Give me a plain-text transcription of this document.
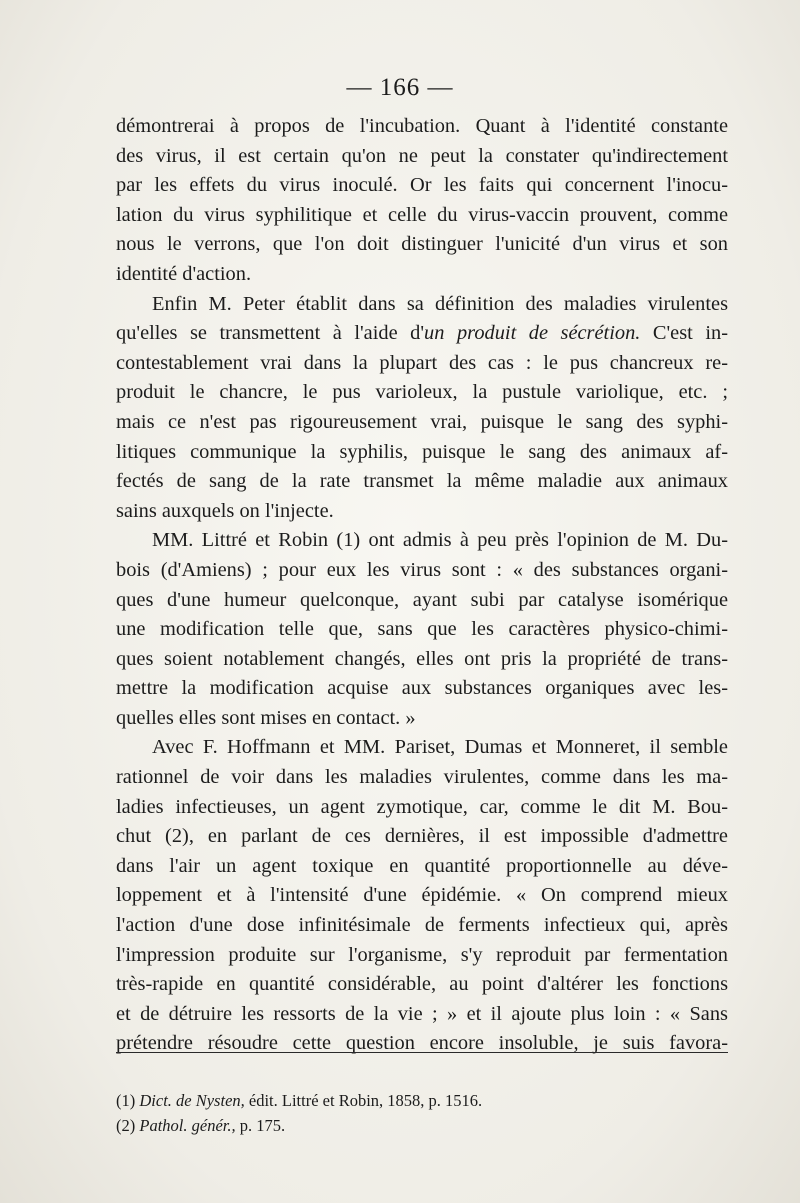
— 166 —

démontrerai à propos de l'incubation. Quant à l'identité constante

des virus, il est certain qu'on ne peut la constater qu'indirectement

par les effets du virus inoculé. Or les faits qui concernent l'inocu-

lation du virus syphilitique et celle du virus-vaccin prouvent, comme

nous le verrons, que l'on doit distinguer l'unicité d'un virus et son

identité d'action.

Enfin M. Peter établit dans sa définition des maladies virulentes

qu'elles se transmettent à l'aide d'un produit de sécrétion. C'est in-

contestablement vrai dans la plupart des cas : le pus chancreux re-

produit le chancre, le pus varioleux, la pustule variolique, etc. ;

mais ce n'est pas rigoureusement vrai, puisque le sang des syphi-

litiques communique la syphilis, puisque le sang des animaux af-

fectés de sang de la rate transmet la même maladie aux animaux

sains auxquels on l'injecte.

MM. Littré et Robin (1) ont admis à peu près l'opinion de M. Du-

bois (d'Amiens) ; pour eux les virus sont : « des substances organi-

ques d'une humeur quelconque, ayant subi par catalyse isomérique

une modification telle que, sans que les caractères physico-chimi-

ques soient notablement changés, elles ont pris la propriété de trans-

mettre la modification acquise aux substances organiques avec les-

quelles elles sont mises en contact. »

Avec F. Hoffmann et MM. Pariset, Dumas et Monneret, il semble

rationnel de voir dans les maladies virulentes, comme dans les ma-

ladies infectieuses, un agent zymotique, car, comme le dit M. Bou-

chut (2), en parlant de ces dernières, il est impossible d'admettre

dans l'air un agent toxique en quantité proportionnelle au déve-

loppement et à l'intensité d'une épidémie. « On comprend mieux

l'action d'une dose infinitésimale de ferments infectieux qui, après

l'impression produite sur l'organisme, s'y reproduit par fermentation

très-rapide en quantité considérable, au point d'altérer les fonctions

et de détruire les ressorts de la vie ; » et il ajoute plus loin : « Sans

prétendre résoudre cette question encore insoluble, je suis favora-

(1) Dict. de Nysten, édit. Littré et Robin, 1858, p. 1516.
(2) Pathol. génér., p. 175.
